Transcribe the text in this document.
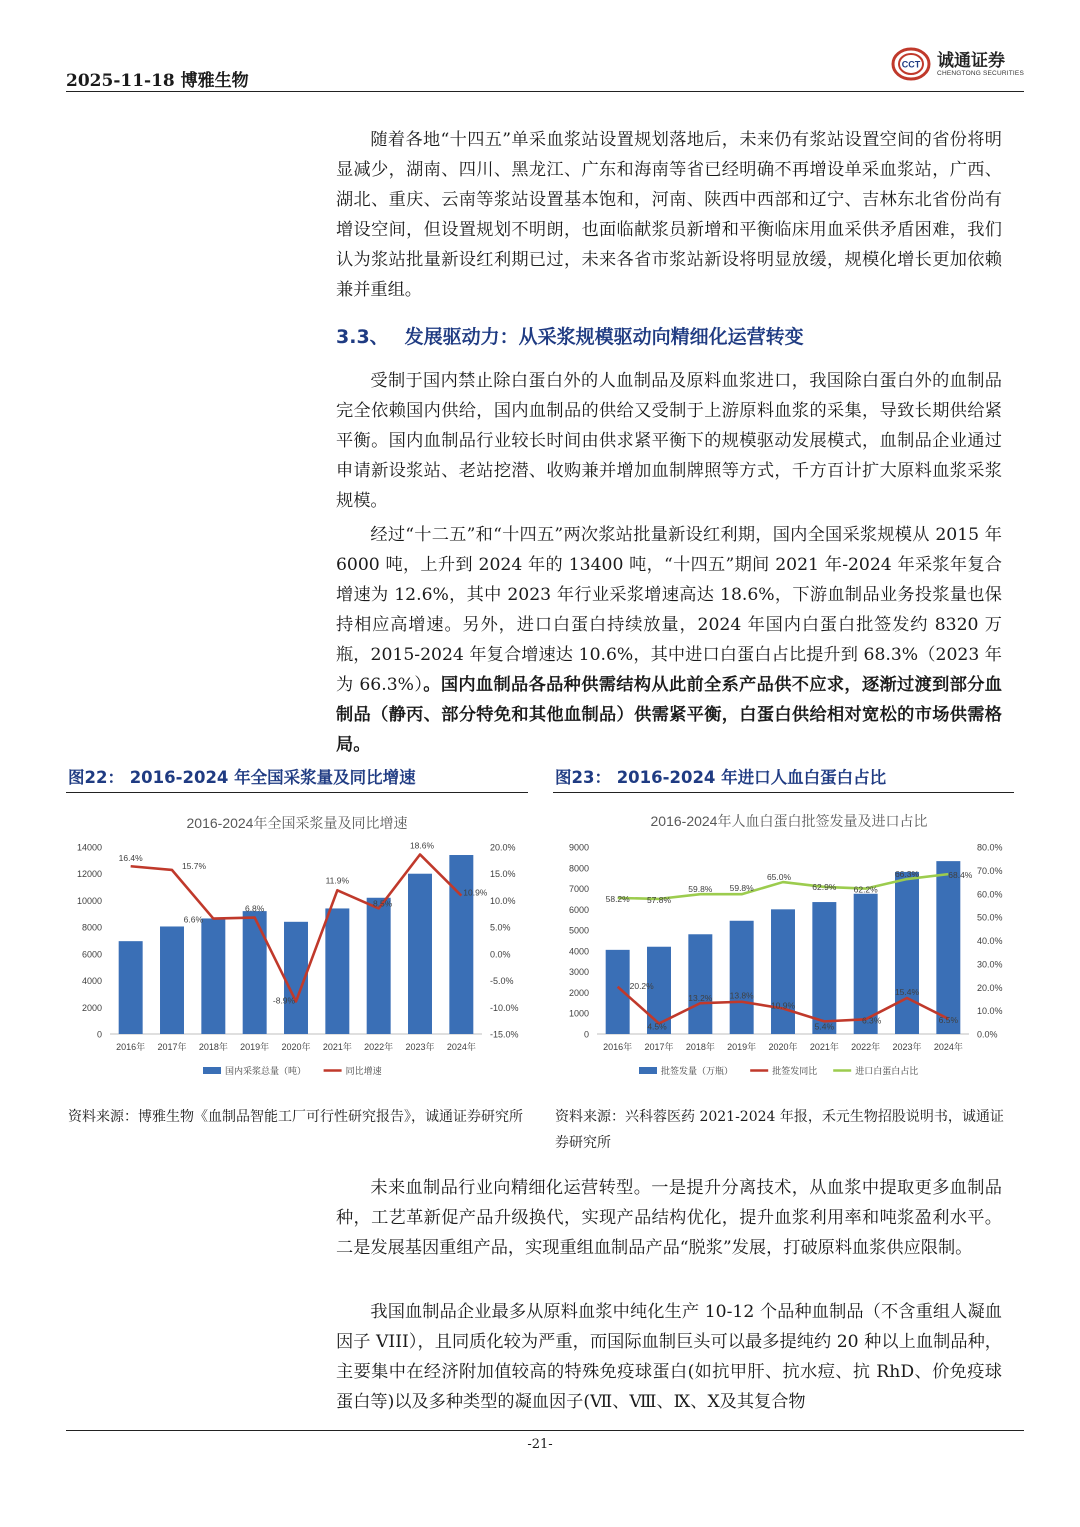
2025-11-18 博雅生物
CCT 诚通证券
CHENGTONG SECURITIES

随着各地“十四五”单采血浆站设置规划落地后，未来仍有浆站设置空间的省份将明显减少，湖南、四川、黑龙江、广东和海南等省已经明确不再增设单采血浆站，广西、湖北、重庆、云南等浆站设置基本饱和，河南、陕西中西部和辽宁、吉林东北省份尚有增设空间，但设置规划不明朗，也面临献浆员新增和平衡临床用血采供矛盾困难，我们认为浆站批量新设红利期已过，未来各省市浆站新设将明显放缓，规模化增长更加依赖兼并重组。

3.3、 发展驱动力：从采浆规模驱动向精细化运营转变

受制于国内禁止除白蛋白外的人血制品及原料血浆进口，我国除白蛋白外的血制品完全依赖国内供给，国内血制品的供给又受制于上游原料血浆的采集，导致长期供给紧平衡。国内血制品行业较长时间由供求紧平衡下的规模驱动发展模式，血制品企业通过申请新设浆站、老站挖潜、收购兼并增加血制牌照等方式，千方百计扩大原料血浆采浆规模。

经过“十二五”和“十四五”两次浆站批量新设红利期，国内全国采浆规模从 2015 年 6000 吨，上升到 2024 年的 13400 吨，“十四五”期间 2021 年-2024 年采浆年复合增速为 12.6%，其中 2023 年行业采浆增速高达 18.6%，下游血制品业务投浆量也保持相应高增速。另外，进口白蛋白持续放量，2024 年国内白蛋白批签发约 8320 万瓶，2015-2024 年复合增速达 10.6%，其中进口白蛋白占比提升到 68.3%（2023 年为 66.3%）。国内血制品各品种供需结构从此前全系产品供不应求，逐渐过渡到部分血制品（静丙、部分特免和其他血制品）供需紧平衡，白蛋白供给相对宽松的市场供需格局。

图22： 2016-2024 年全国采浆量及同比增速	图23： 2016-2024 年进口人血白蛋白占比
2016-2024年全国采浆量及同比增速
16.4%
15.7%
6.6%
6.8%
-8.9%
11.9%
8.5%
18.6%
10.9%
0
2000
4000
6000
8000
10000
12000
14000
-15.0%
-10.0%
-5.0%
0.0%
5.0%
10.0%
15.0%
20.0%
2016年 2017年 2018年 2019年 2020年 2021年 2022年 2023年 2024年
国内采浆总量（吨）	同比增速
2016-2024年人血白蛋白批签发量及进口占比
20.2%
4.5%
13.2% 13.8%
10.9%
5.4%
6.3%
15.4%
6.5%
58.2% 57.8%
59.8% 59.8%
65.0%
62.9% 62.2%
66.3%	68.4%
0
1000
2000
3000
4000
5000
6000
7000
8000
9000
0.0%
10.0%
20.0%
30.0%
40.0%
50.0%
60.0%
70.0%
80.0%
2016年 2017年 2018年 2019年 2020年 2021年 2022年 2023年 2024年
批签发量（万瓶）	批签发同比	进口白蛋白占比
资料来源：博雅生物《血制品智能工厂可行性研究报告》，诚通证券研究所 资料来源：兴科蓉医药 2021-2024 年报，禾元生物招股说明书，诚通证券研究所

未来血制品行业向精细化运营转型。一是提升分离技术，从血浆中提取更多血制品种，工艺革新促产品升级换代，实现产品结构优化，提升血浆利用率和吨浆盈利水平。二是发展基因重组产品，实现重组血制品产品“脱浆”发展，打破原料血浆供应限制。

我国血制品企业最多从原料血浆中纯化生产 10-12 个品种血制品（不含重组人凝血因子 VIII），且同质化较为严重，而国际血制巨头可以最多提纯约 20 种以上血制品种，主要集中在经济附加值较高的特殊免疫球蛋白(如抗甲肝、抗水痘、抗 RhD、价免疫球蛋白等)以及多种类型的凝血因子(Ⅶ、Ⅷ、Ⅸ、Ⅹ及其复合物

-21-
